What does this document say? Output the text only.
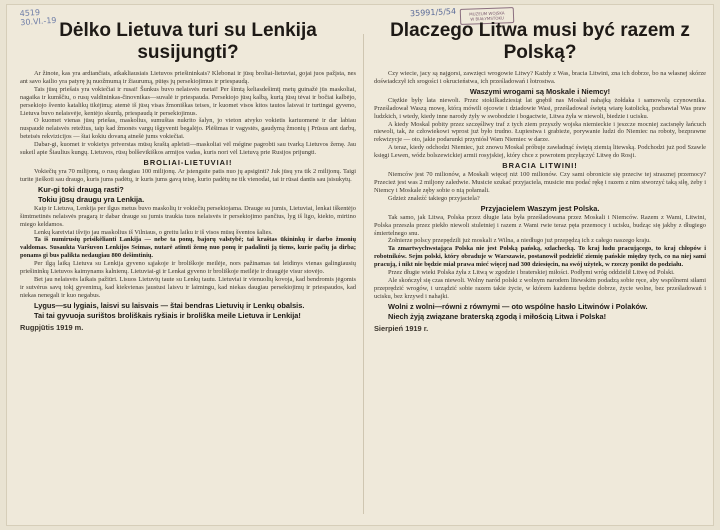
4519
30.VI.-19
35991/5/54	MUZEUM WOJSKA
W BIAŁYMSTOKU
Dėlko Lietuva turi su Lenkija susijungti?

Ar žinote, kas yra ardiančiais, atkakliausiais Lietuvos priešininkais? Klebonai ir jūsų broliai-lietuviai, gojai juos pažįsta, nes ant savo kailio yra patyrę jų nuožmumą ir žiaurumą, pūtęs jų persekiojimus ir priespaudą.

Tais jūsų priešais yra vokiečiai ir rusai! Šunkus buvo nelaisvės metai! Per šimtą keliasdešimtį metų guinažė jūs maskoliai, nagaika ir kumščiu, o rusų valdininkas-činovnikas—suvalė ir priespauda. Persekiojo jūsų kalbą, kurią jūsų tėvai ir bočiai kalbėjo, persekiojo švento katalikų tikėjimą; atemė iš jūsų visas žmoniškas teises, ir kuomet visos kitos tautos laisvai ir turtingai gyveno, Lietuva buvo nelaisvėje, kentėjo skurdą, priespaudą ir persekiojimus.

O kuomet vienas jūsų priešas, maskolius, sumuštas nukrito šalyn, jo vieton atvyko vokietis kariuomenė ir dar labiau nuspaudė nelaisvės retežius, taip kad žmonės vargų išgyventi begalėjo. Plėšimas ir vagystės, gaudymą žmonių į Prūsus ant darbų, beteisės rekvizicijos — štai kokiu dovaną atnešė jums vokiečiai.

Dabar-gi, kuomet ir vokietys priverstas mūsų kraštą apleisti—maskoliai vėl mégine pagrobti sau tvarką Lietuvos žemę. Jau sukeil apie Šiaulius kungų. Lietuvos, rūsų bolševikiškos armijos vadas, kuris nori vėl Lietuvą prie Rusijos prijungti.

BROLIAI-LIETUVIAI!

Vokiečių yra 70 milijonų, o rusų daugiau 100 milijonų. Ar įstengsite patis nuo jų apsiginti? Juk jūsų yra tik 2 milijonų. Taigi turite jieškoti sau draugo, kuris jums padėtų, ir kuris jums gavą teisę, kurio padėtų ne tik vienodai, tai ir rūsai dantis sau įsisukytų.

Kur-gi toki draugą rasti?
Tokiu jūsų draugu yra Lenkija.

Kaip ir Lietuva, Lenkija per ilgus metus buvo maskolių ir vokiečių persekiojama. Drauge su jumis, Lietuviai, lenkai iškentėjo šimtmetinės nelaisvės pragarą ir dabar drauge su jumis traukia tuos nelaisvės ir persekiojimo pančius, lyg iš ligo, kiekto, mirtino miego keldamos.

Lenkų kareiviai išvijo jau maskolius iš Vilniaus, o greitu laiku ir iš visos mūsų šventos šalies.

Ta iš numirusių prisikėlianti Lankija — nebe ta ponų, bajorų valstybė; tai kraštas ūkininkų ir darbo žmonių valdomas. Susaukta Varšuvon Lenkijos Seimas, nutarė atimti žemę nuo ponų ir padalinti ją tiems, kurie pačių ja dirba; ponams gi bus palikta nedaugiau 800 dešimtinių.

Per ilgą laiką Lietuva su Lenkija gyveno sąjakoje ir broliškoje meilėje, nors pažinamas tai leidinys vienas galingiausių priešininkų Lietuvos kaimynams kalnienų. Lietuviai-gi ir Lenkai gyveno ir broliškoje meilėje ir draugėje visur stovėjo.

Bet jau nelaisvės laikais pažiūri. Lisuos Lietuvių taute su Lenkų tautu. Lietuviai ir vienuolių kovoja, kad bendromis jėgomis ir sutvėrus savų tokį gyvenimą, kad kiekvienas jaustusi laisvu ir laimingu, kad niekas daugiau persekiojimų ir priespaudos, kad niekas nenegali ir kuo negabus.

Lygus—su lygiais, laisvi su laisvais — štai bendras Lietuvių ir Lenkų obalsis.
Tai tai gyvuoja surištos broliškais ryšiais ir broliška meile Lietuva ir Lenkija!
Rugpjūtis 1919 m.
Dlaczego Litwa musi być razem z Polską?

Czy wiecie, jacy są najgorsi, zawzięci wrogowie Litwy? Każdy z Was, bracia Litwini, zna ich dobrze, bo na własnej skórze doświadczył ich srogości i okrucieństwa, ich prześladowań i łotrostwa.

Waszymi wrogami są Moskale i Niemcy!

Ciężkie były lata niewoli. Przez stokilkadziesiąt lat gnębił nas Moskal nahajką żołdaka i samowolą czynownika. Prześladował Waszą mowę, którą mówili ojcowie i dziadowie Wasi, prześladował świętą wiarę katolicką, pozbawiał Was praw ludzkich, i wtedy, kiedy inne narody żyły w swobodzie i bogactwie, Litwa żyła w niewoli, biedzie i ucisku.

A kiedy Moskal pobity przez szczęśliwy traf z tych ziem przyszły wojska niemieckie i jeszcze mocniej zacisnęły łańcuch niewoli, tak, że człowiekowi wprost już było trudno. Łupiestwa i grabieże, porywanie ludzi do Niemiec na roboty, bezprawne rekwizycje — oto, jakie podarunki przyniósł Wam Niemiec w darze.

A teraz, kiedy odchodzi Niemiec, już znowu Moskal próbuje zawładnąć świętą ziemią litewską. Podchodzi już pod Szawle księgi Lewen, wódz bolszewickiej armii rosyjskiej, który chce z powrotem przyłączyć Litwę do Rosji.

BRACIA LITWINI!

Niemców jest 70 milionów, a Moskali więcej niż 100 milionów. Czy sami obronicie się przeciw tej strasznej przemocy? Przecież jest was 2 miljony zaledwie. Musicie szukać przyjaciela, musicie mu podać rękę i razem z nim stworzyć taką siłę, żeby i Niemcy i Moskale zęby sobie o nią połamali.

Gdzież znaleźć takiego przyjaciela?

Przyjacielem Waszym jest Polska.

Tak samo, jak Litwa, Polska przez długie lata była prześladowana przez Moskali i Niemców. Razem z Wami, Litwini, Polska przeszła przez piekło niewoli stuletniej i razem z Wami rwie teraz pęta przemocy i ucisku, budząc się jakby z długiego śmiertelnego snu.

Żołnierze polscy przepędzili już moskali z Wilna, a niedługo już przepędzą ich z całego naszego kraju.

Ta zmartwychwstająca Polska nie jest Polską pańską, szlachecką. To kraj ludu pracującego, to kraj chłopów i robotników. Sejm polski, który obraduje w Warszawie, postanowił podzielić ziemię pańskie między tych, co na niej sami pracują, i nikt nie będzie miał prawa mieć więcej nad 300 dziesięcin, na swój użytek, w rzeczy ponikt do podziału.

Przez długie wieki Polska żyła z Litwą w zgodzie i braterskiej miłości. Podłymi wróg oddzielił Litwę od Polski.

Ale skończył się czas niewoli. Wolny naród polski z wolnym narodem litewskim podadzą sobie ręce, aby wspólnemi siłami przeprędzić wrogów, i urządzić sobie razem takie życie, w którem każdemu będzie dobrze, życie wolne, bez prześladowań i ucisku, bez krzywd i nahajki.

Wolni z wolni—równi z równymi — oto wspólne hasło Litwinów i Polaków.
Niech żyją związane braterską zgodą i miłością Litwa i Polska!
Sierpień 1919 r.
